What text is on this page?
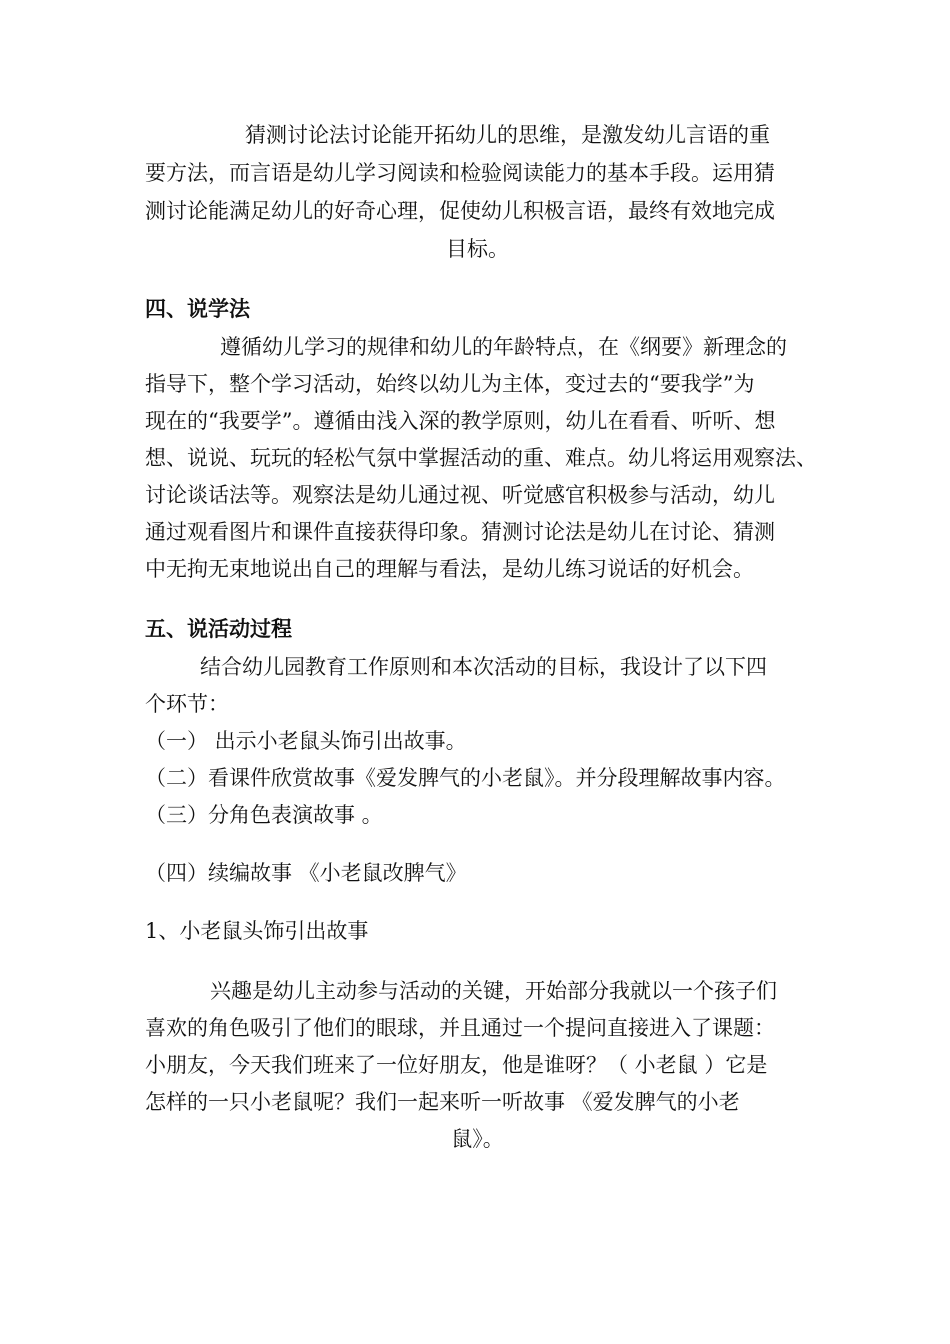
猜测讨论法讨论能开拓幼儿的思维，是激发幼儿言语的重
要方法，而言语是幼儿学习阅读和检验阅读能力的基本手段。运用猜
测讨论能满足幼儿的好奇心理，促使幼儿积极言语，最终有效地完成
目标。
四、说学法
遵循幼儿学习的规律和幼儿的年龄特点，在《纲要》新理念的
指导下，整个学习活动，始终以幼儿为主体，变过去的“要我学”为
现在的“我要学”。遵循由浅入深的教学原则，幼儿在看看、听听、想
想、说说、玩玩的轻松气氛中掌握活动的重、难点。幼儿将运用观察法、
讨论谈话法等。观察法是幼儿通过视、听觉感官积极参与活动，幼儿
通过观看图片和课件直接获得印象。猜测讨论法是幼儿在讨论、猜测
中无拘无束地说出自己的理解与看法，是幼儿练习说话的好机会。
五、说活动过程
结合幼儿园教育工作原则和本次活动的目标，我设计了以下四
个环节：
（一） 出示小老鼠头饰引出故事。
（二）看课件欣赏故事《爱发脾气的小老鼠》。并分段理解故事内容。
（三）分角色表演故事 。
（四）续编故事 《小老鼠改脾气》
1、小老鼠头饰引出故事
兴趣是幼儿主动参与活动的关键，开始部分我就以一个孩子们
喜欢的角色吸引了他们的眼球，并且通过一个提问直接进入了课题：
小朋友，今天我们班来了一位好朋友，他是谁呀？（ 小老鼠 ）它是
怎样的一只小老鼠呢？我们一起来听一听故事 《爱发脾气的小老
鼠》。
